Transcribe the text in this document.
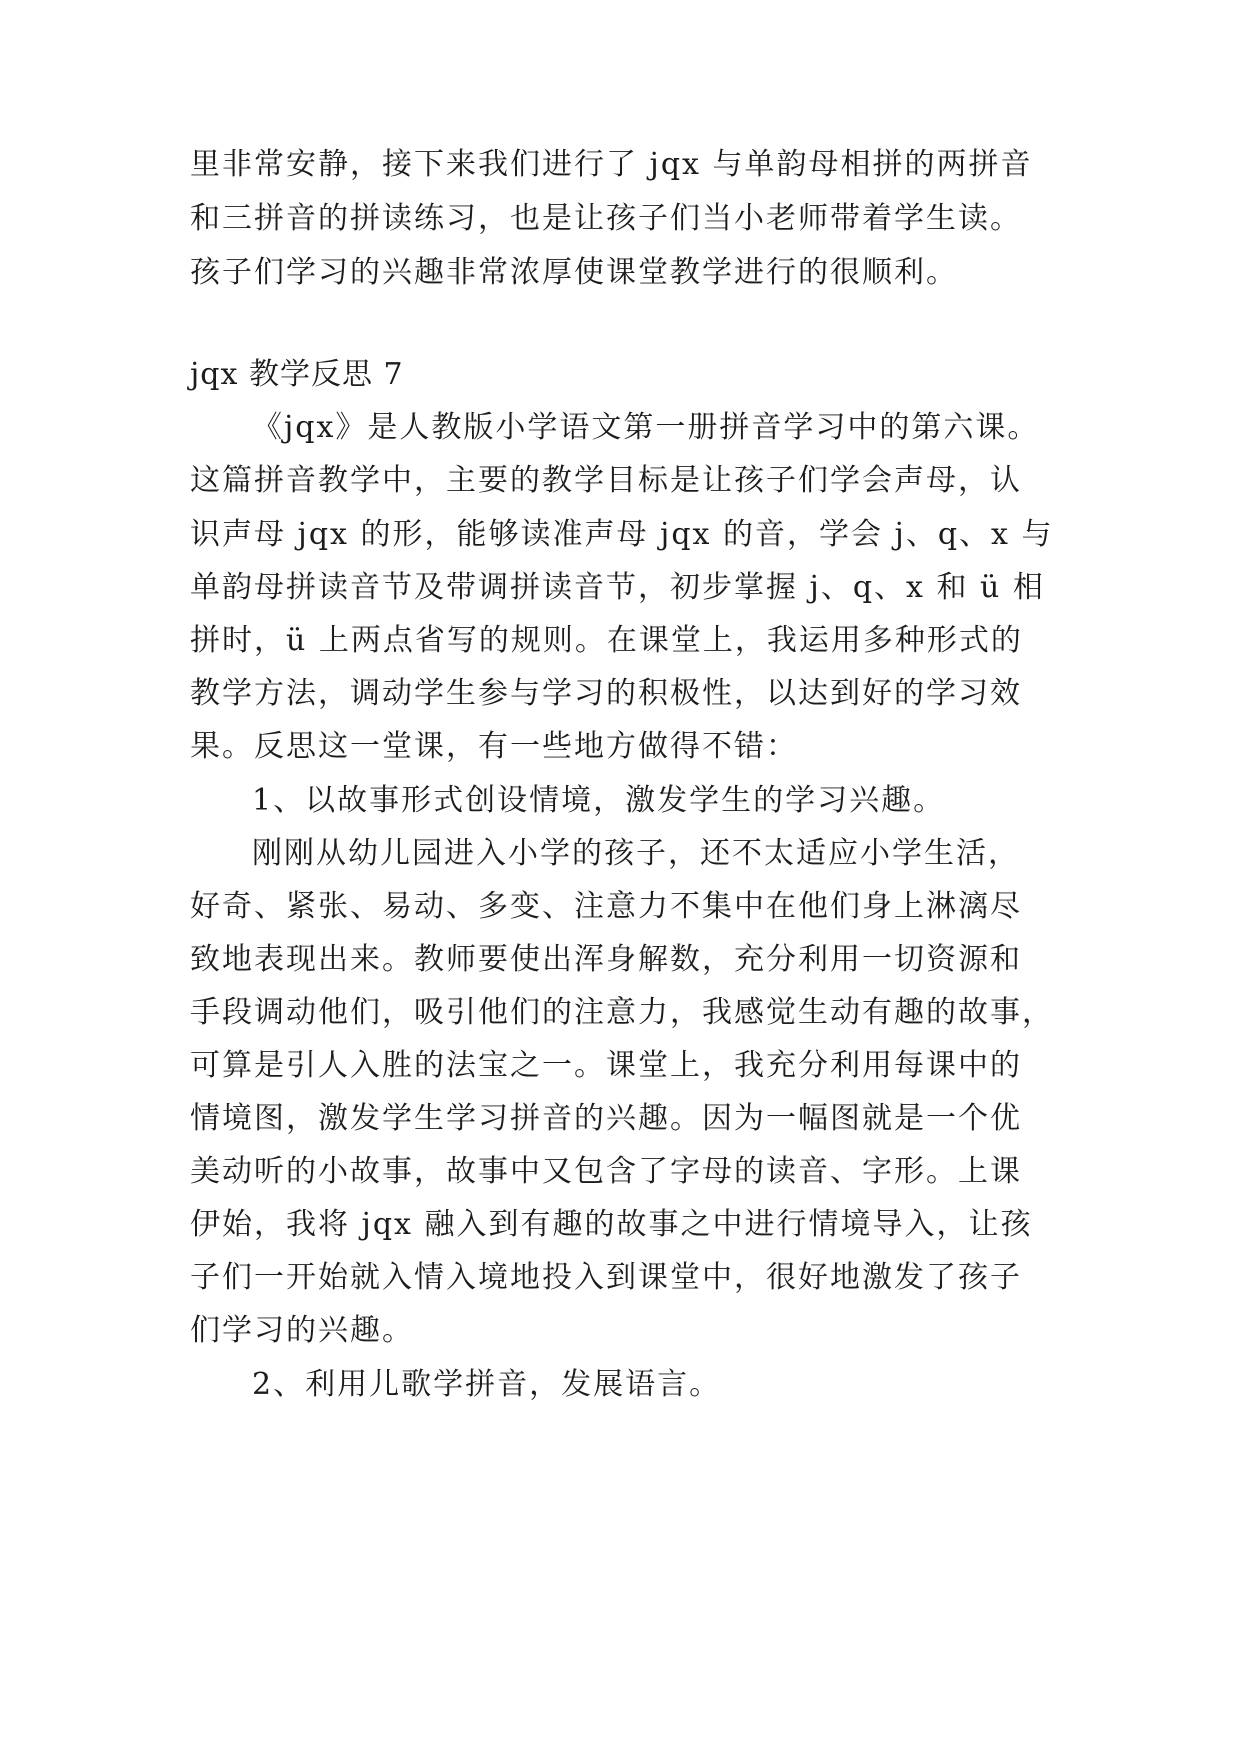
里非常安静，接下来我们进行了 jqx 与单韵母相拼的两拼音
和三拼音的拼读练习，也是让孩子们当小老师带着学生读。
孩子们学习的兴趣非常浓厚使课堂教学进行的很顺利。
jqx 教学反思 7
《jqx》是人教版小学语文第一册拼音学习中的第六课。
这篇拼音教学中，主要的教学目标是让孩子们学会声母，认
识声母 jqx 的形，能够读准声母 jqx 的音，学会 j、q、x 与
单韵母拼读音节及带调拼读音节，初步掌握 j、q、x 和 ü 相
拼时，ü 上两点省写的规则。在课堂上，我运用多种形式的
教学方法，调动学生参与学习的积极性，以达到好的学习效
果。反思这一堂课，有一些地方做得不错：
1、以故事形式创设情境，激发学生的学习兴趣。
刚刚从幼儿园进入小学的孩子，还不太适应小学生活，
好奇、紧张、易动、多变、注意力不集中在他们身上淋漓尽
致地表现出来。教师要使出浑身解数，充分利用一切资源和
手段调动他们，吸引他们的注意力，我感觉生动有趣的故事，
可算是引人入胜的法宝之一。课堂上，我充分利用每课中的
情境图，激发学生学习拼音的兴趣。因为一幅图就是一个优
美动听的小故事，故事中又包含了字母的读音、字形。上课
伊始，我将 jqx 融入到有趣的故事之中进行情境导入，让孩
子们一开始就入情入境地投入到课堂中，很好地激发了孩子
们学习的兴趣。
2、利用儿歌学拼音，发展语言。
